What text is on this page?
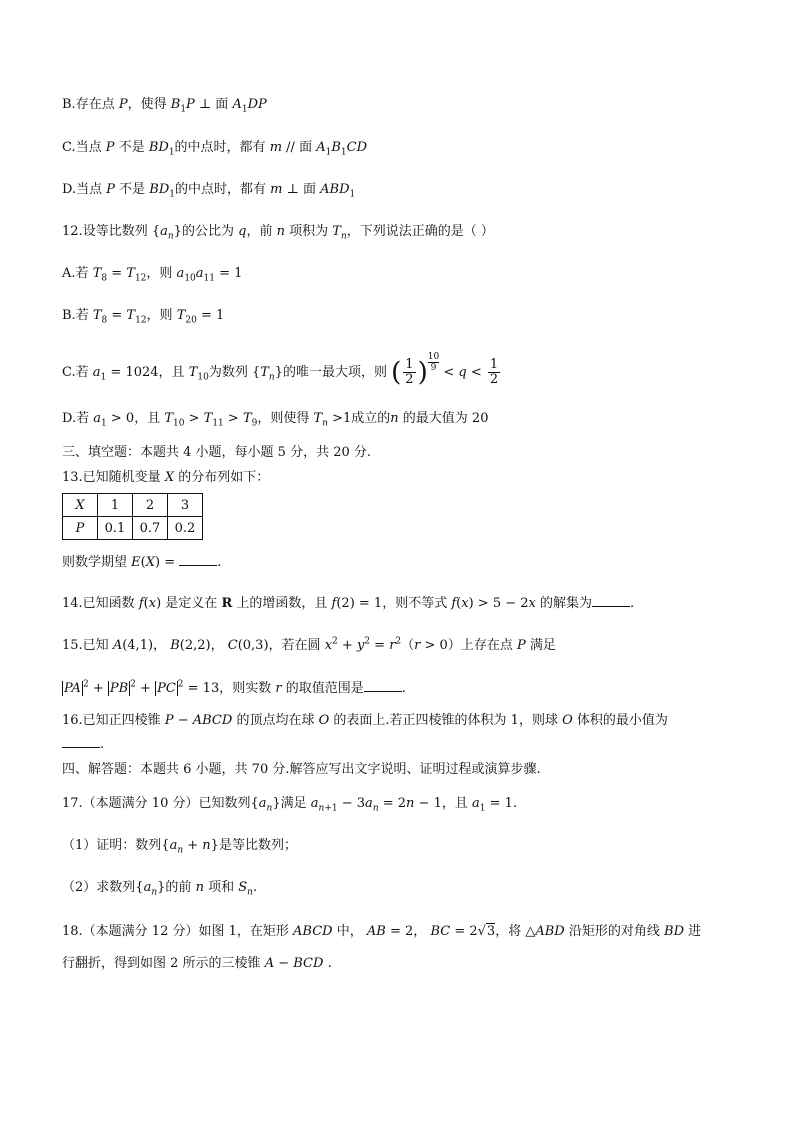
B.存在点 P，使得 $B_1P$ ⊥ 面 $A_1DP$
C.当点 P 不是 $BD_1$的中点时，都有 m // 面 $A_1B_1CD$
D.当点 P 不是 $BD_1$的中点时，都有 m ⊥ 面 $ABD_1$
12.设等比数列 $\{a_n\}$的公比为 q，前 n 项积为 $T_n$，下列说法正确的是（ ）
A.若 $T_8 = T_{12}$，则 $a_{10}a_{11} = 1$
B.若 $T_8 = T_{12}$，则 $T_{20} = 1$
C.若 $a_1 = 1024$，且 $T_{10}$为数列 $\{T_n\}$的唯一最大项，则 ( $\frac{1}{2}$ ) $\frac{10}{9} < q < \frac{1}{2}$
D.若 $a_1 > 0$，且 $T_{10} > T_{11} > T_9$，则使得 $T_n >1$成立的n 的最大值为 20
三、填空题：本题共 4 小题，每小题 5 分，共 20 分.
13.已知随机变量 X 的分布列如下：
X	1	2	3
P	0.1	0.7	0.2
则数学期望 E(X) =	.
14.已知函数 f(x) 是定义在 R 上的增函数，且 f(2) = 1，则不等式 f(x) > 5 − 2x 的解集为	.
15.已知 A(4,1)， B(2,2)， C(0,3)，若在圆 $x^2 + y^2 = r^2(r > 0)$上存在点 P 满足
PA $^2$ + PB $^2$ + PC $^2$ = 13，则实数 r 的取值范围是	.
16.已知正四棱锥 P − ABCD 的顶点均在球 O 的表面上.若正四棱锥的体积为 1，则球 O 体积的最小值为
.
四、解答题：本题共 6 小题，共 70 分.解答应写出文字说明、证明过程或演算步骤.
17.（本题满分 10 分）已知数列$\{a_n\}$满足 $a_{n+1} - 3a_n = 2n - 1$，且 $a_1 = 1$.
（1）证明：数列$\{a_n + n\}$是等比数列；
（2）求数列$\{a_n\}$的前 n 项和 $S_n$.
18.（本题满分 12 分）如图 1，在矩形 ABCD 中， AB = 2， BC = 2√3，将 △ABD 沿矩形的对角线 BD 进
行翻折，得到如图 2 所示的三棱锥 A − BCD .
